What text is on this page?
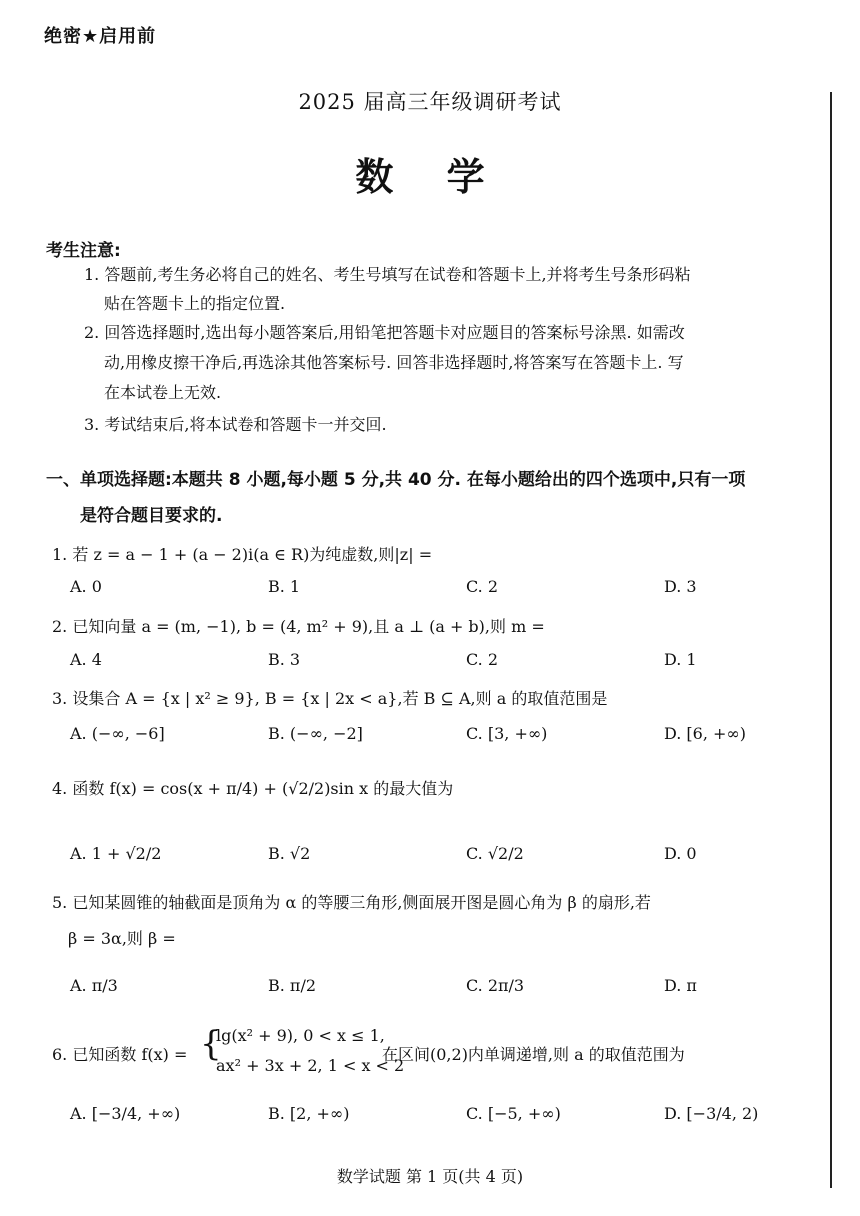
绝密★启用前
2025 届高三年级调研考试
数 学
考生注意:
1. 答题前,考生务必将自己的姓名、考生号填写在试卷和答题卡上,并将考生号条形码粘
贴在答题卡上的指定位置.
2. 回答选择题时,选出每小题答案后,用铅笔把答题卡对应题目的答案标号涂黑. 如需改
动,用橡皮擦干净后,再选涂其他答案标号. 回答非选择题时,将答案写在答题卡上. 写
在本试卷上无效.
3. 考试结束后,将本试卷和答题卡一并交回.
一、单项选择题:本题共 8 小题,每小题 5 分,共 40 分. 在每小题给出的四个选项中,只有一项
是符合题目要求的.
1. 若 z = a − 1 + (a − 2)i(a ∈ R)为纯虚数,则|z| =
A. 0	B. 1	C. 2	D. 3
2. 已知向量 a = (m, −1), b = (4, m² + 9),且 a ⊥ (a + b),则 m =
A. 4	B. 3	C. 2	D. 1
3. 设集合 A = {x | x² ≥ 9}, B = {x | 2x < a},若 B ⊆ A,则 a 的取值范围是
A. (−∞, −6]	B. (−∞, −2]	C. [3, +∞)	D. [6, +∞)
4. 函数 f(x) = cos(x + π/4) + (√2/2)sin x 的最大值为
A. 1 + √2/2	B. √2	C. √2/2	D. 0
5. 已知某圆锥的轴截面是顶角为 α 的等腰三角形,侧面展开图是圆心角为 β 的扇形,若
β = 3α,则 β =
A. π/3	B. π/2	C. 2π/3	D. π
6. 已知函数 f(x) = {
lg(x² + 9), 0 < x ≤ 1,
ax² + 3x + 2, 1 < x < 2
在区间(0,2)内单调递增,则 a 的取值范围为
A. [−3/4, +∞)	B. [2, +∞)	C. [−5, +∞)	D. [−3/4, 2)
数学试题 第 1 页(共 4 页)
